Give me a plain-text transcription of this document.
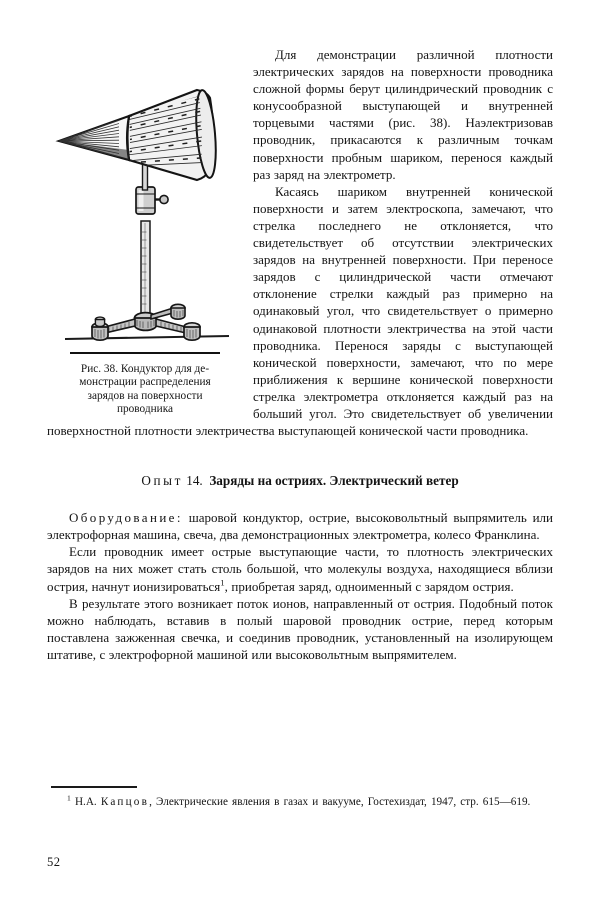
Рис. 38. Кондуктор для де-
монстрации распределения
зарядов на поверхности
проводника

Для демонстрации различной плотности электрических зарядов на поверхности проводника сложной формы берут цилиндрический проводник с конусообразной выступающей и внутренней торцевыми частями (рис. 38). Наэлектризовав проводник, прикасаются к различным точкам поверхности пробным шариком, перенося каждый раз заряд на электрометр.

Касаясь шариком внутренней конической поверхности и затем электроскопа, замечают, что стрелка последнего не отклоняется, что свидетельствует об отсутствии электрических зарядов на внутренней поверхности. При переносе зарядов с цилиндрической части отмечают отклонение стрелки каждый раз примерно на одинаковый угол, что свидетельствует о примерно одинаковой плотности электричества на этой части проводника. Перенося заряды с выступающей конической поверхности, замечают, что по мере приближения к вершине конической поверхности стрелка электрометра отклоняется каждый раз на больший угол. Это свидетельствует об увеличении поверхностной плотности электричества выступающей конической части проводника.

Опыт 14. Заряды на остриях. Электрический ветер

Оборудование: шаровой кондуктор, острие, высоковольтный выпрямитель или электрофорная машина, свеча, два демонстрационных электрометра, колесо Франклина.

Если проводник имеет острые выступающие части, то плотность электрических зарядов на них может стать столь большой, что молекулы воздуха, находящиеся вблизи острия, начнут ионизироваться$^1$, приобретая заряд, одноименный с зарядом острия.

В результате этого возникает поток ионов, направленный от острия. Подобный поток можно наблюдать, вставив в полый шаровой проводник острие, перед которым поставлена зажженная свечка, и соединив проводник, установленный на изолирующем штативе, с электрофорной машиной или высоковольтным выпрямителем.

$^1$ Н.А. Капцов, Электрические явления в газах и вакууме, Гостехиздат, 1947, стр. 615—619.

52
